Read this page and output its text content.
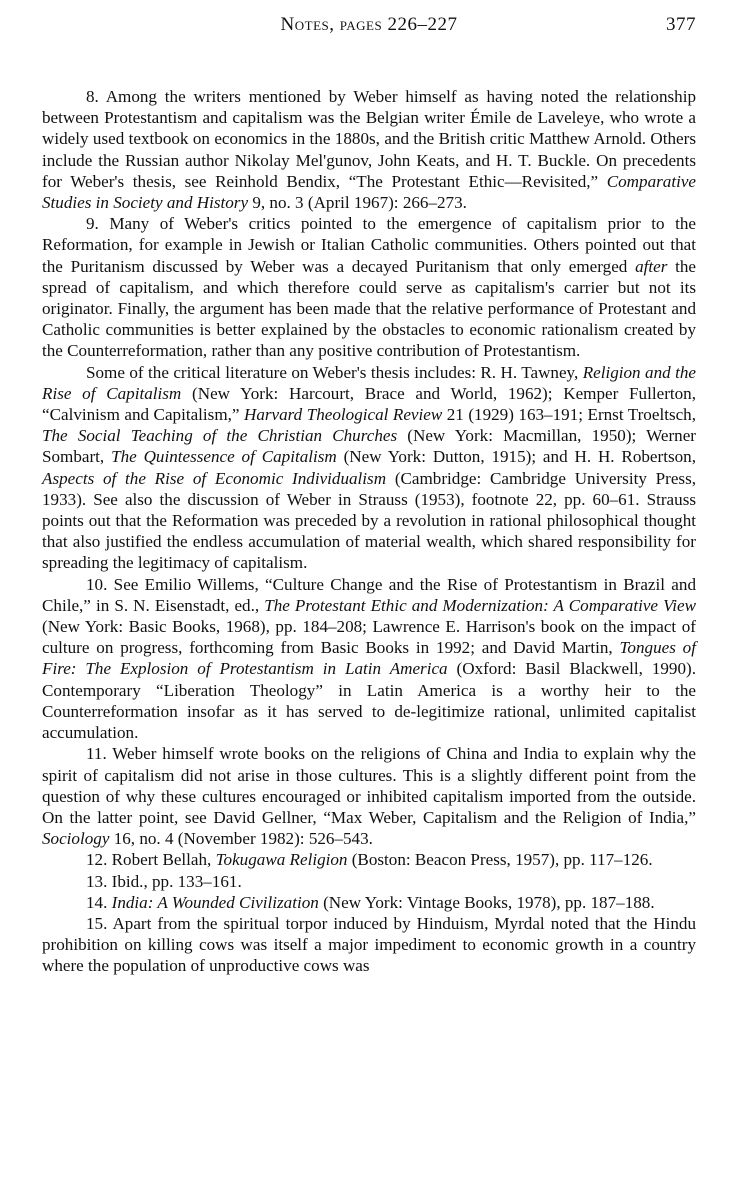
Notes, pages 226–227	377

8. Among the writers mentioned by Weber himself as having noted the relationship between Protestantism and capitalism was the Belgian writer Émile de Laveleye, who wrote a widely used textbook on economics in the 1880s, and the British critic Matthew Arnold. Others include the Russian author Nikolay Mel'gunov, John Keats, and H. T. Buckle. On precedents for Weber's thesis, see Reinhold Bendix, “The Protestant Ethic—Revisited,” Comparative Studies in Society and History 9, no. 3 (April 1967): 266–273.

9. Many of Weber's critics pointed to the emergence of capitalism prior to the Reformation, for example in Jewish or Italian Catholic communities. Others pointed out that the Puritanism discussed by Weber was a decayed Puritanism that only emerged after the spread of capitalism, and which therefore could serve as capitalism's carrier but not its originator. Finally, the argument has been made that the relative performance of Protestant and Catholic communities is better explained by the obstacles to economic rationalism created by the Counterreformation, rather than any positive contribution of Protestantism.

Some of the critical literature on Weber's thesis includes: R. H. Tawney, Religion and the Rise of Capitalism (New York: Harcourt, Brace and World, 1962); Kemper Fullerton, “Calvinism and Capitalism,” Harvard Theological Review 21 (1929) 163–191; Ernst Troeltsch, The Social Teaching of the Christian Churches (New York: Macmillan, 1950); Werner Sombart, The Quintessence of Capitalism (New York: Dutton, 1915); and H. H. Robertson, Aspects of the Rise of Economic Individualism (Cambridge: Cambridge University Press, 1933). See also the discussion of Weber in Strauss (1953), footnote 22, pp. 60–61. Strauss points out that the Reformation was preceded by a revolution in rational philosophical thought that also justified the endless accumulation of material wealth, which shared responsibility for spreading the legitimacy of capitalism.

10. See Emilio Willems, “Culture Change and the Rise of Protestantism in Brazil and Chile,” in S. N. Eisenstadt, ed., The Protestant Ethic and Modernization: A Comparative View (New York: Basic Books, 1968), pp. 184–208; Lawrence E. Harrison's book on the impact of culture on progress, forthcoming from Basic Books in 1992; and David Martin, Tongues of Fire: The Explosion of Protestantism in Latin America (Oxford: Basil Blackwell, 1990). Contemporary “Liberation Theology” in Latin America is a worthy heir to the Counterreformation insofar as it has served to de-legitimize rational, unlimited capitalist accumulation.

11. Weber himself wrote books on the religions of China and India to explain why the spirit of capitalism did not arise in those cultures. This is a slightly different point from the question of why these cultures encouraged or inhibited capitalism imported from the outside. On the latter point, see David Gellner, “Max Weber, Capitalism and the Religion of India,” Sociology 16, no. 4 (November 1982): 526–543.

12. Robert Bellah, Tokugawa Religion (Boston: Beacon Press, 1957), pp. 117–126.

13. Ibid., pp. 133–161.

14. India: A Wounded Civilization (New York: Vintage Books, 1978), pp. 187–188.

15. Apart from the spiritual torpor induced by Hinduism, Myrdal noted that the Hindu prohibition on killing cows was itself a major impediment to economic growth in a country where the population of unproductive cows was
